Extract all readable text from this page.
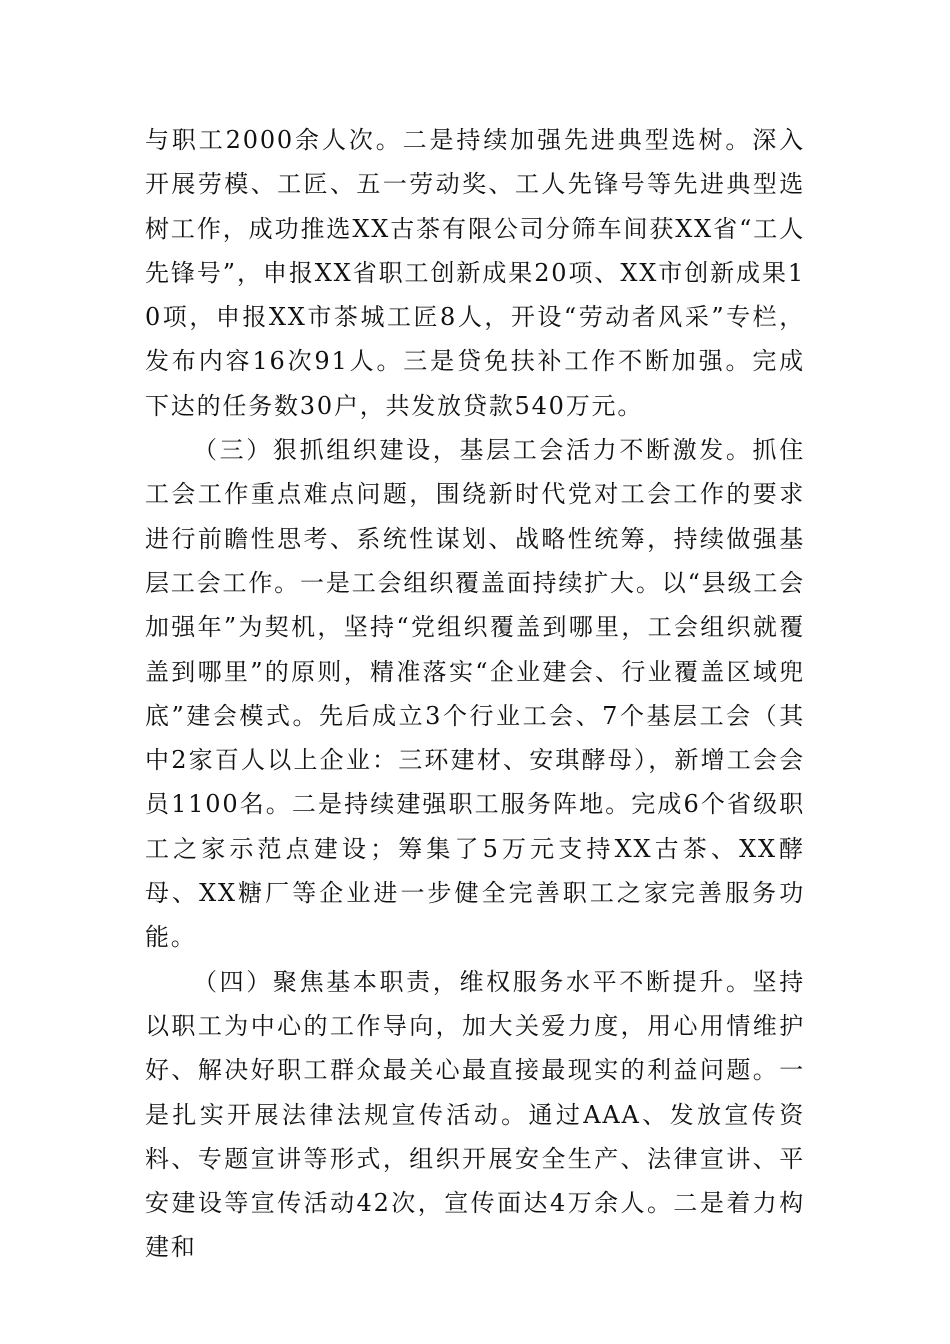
与职工2000余人次。二是持续加强先进典型选树。深入开展劳模、工匠、五一劳动奖、工人先锋号等先进典型选树工作，成功推选XX古茶有限公司分筛车间获XX省“工人先锋号”，申报XX省职工创新成果20项、XX市创新成果10项，申报XX市茶城工匠8人，开设“劳动者风采”专栏，发布内容16次91人。三是贷免扶补工作不断加强。完成下达的任务数30户，共发放贷款540万元。

（三）狠抓组织建设，基层工会活力不断激发。抓住工会工作重点难点问题，围绕新时代党对工会工作的要求进行前瞻性思考、系统性谋划、战略性统筹，持续做强基层工会工作。一是工会组织覆盖面持续扩大。以“县级工会加强年”为契机，坚持“党组织覆盖到哪里，工会组织就覆盖到哪里”的原则，精准落实“企业建会、行业覆盖区域兜底”建会模式。先后成立3个行业工会、7个基层工会（其中2家百人以上企业：三环建材、安琪酵母），新增工会会员1100名。二是持续建强职工服务阵地。完成6个省级职工之家示范点建设；筹集了5万元支持XX古茶、XX酵母、XX糖厂等企业进一步健全完善职工之家完善服务功能。

（四）聚焦基本职责，维权服务水平不断提升。坚持以职工为中心的工作导向，加大关爱力度，用心用情维护好、解决好职工群众最关心最直接最现实的利益问题。一是扎实开展法律法规宣传活动。通过AAA、发放宣传资料、专题宣讲等形式，组织开展安全生产、法律宣讲、平安建设等宣传活动42次，宣传面达4万余人。二是着力构建和
